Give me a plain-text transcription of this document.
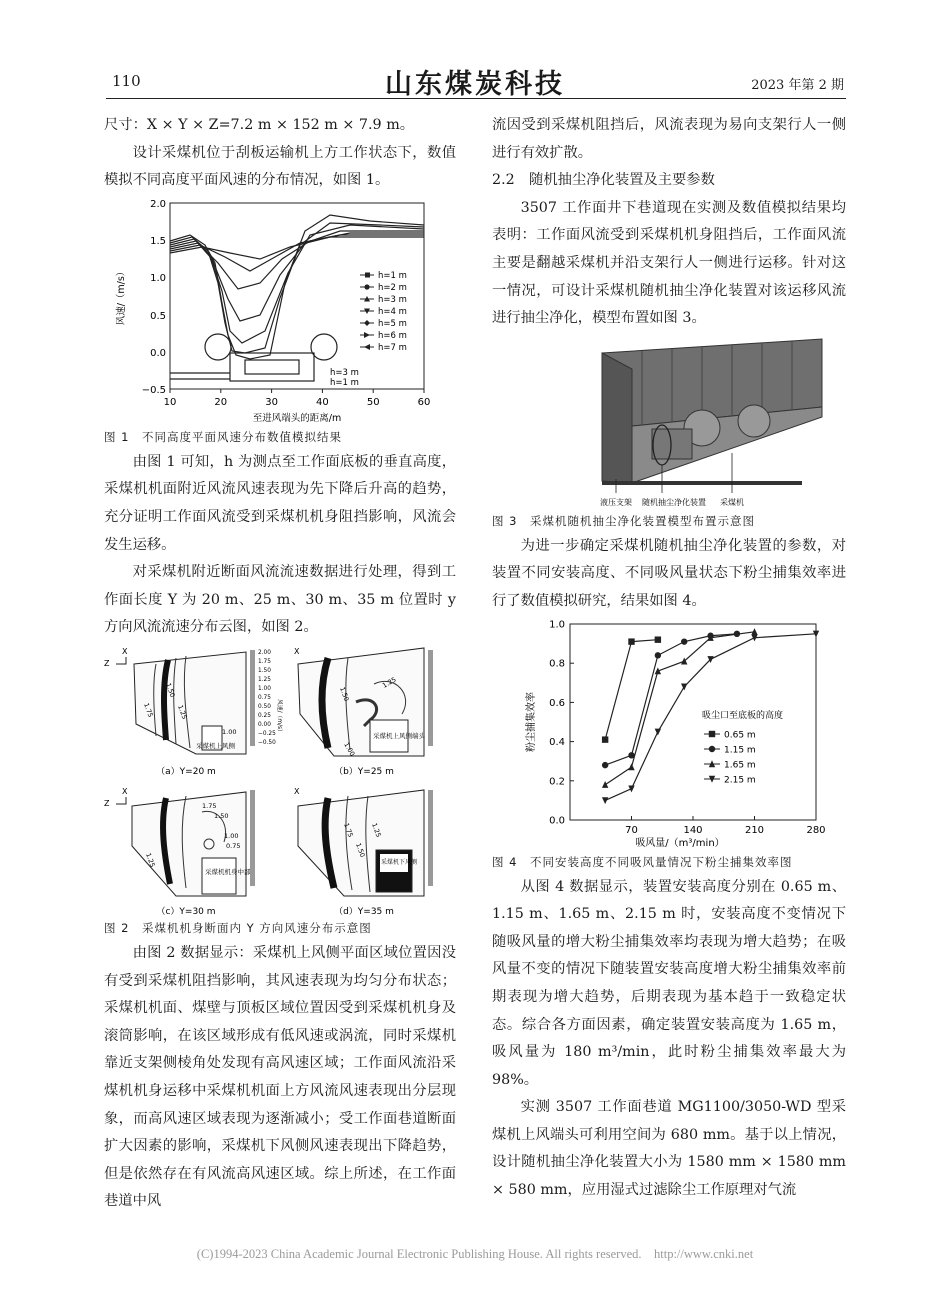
110	山东煤炭科技	2023 年第 2 期

尺寸：X × Y × Z=7.2 m × 152 m × 7.9 m。

设计采煤机位于刮板运输机上方工作状态下，数值模拟不同高度平面风速的分布情况，如图 1。

10	20	30	40	50	60
2.0
1.5
1.0
0.5
0.0
−0.5
风速/（m/s）
至进风端头的距离/m
h=3 m
h=1 m
h=1 m
h=2 m
h=3 m
h=4 m
h=5 m
h=6 m
h=7 m

图 1　不同高度平面风速分布数值模拟结果

由图 1 可知，h 为测点至工作面底板的垂直高度，采煤机机面附近风流风速表现为先下降后升高的趋势，充分证明工作面风流受到采煤机机身阻挡影响，风流会发生运移。

对采煤机附近断面风流流速数据进行处理，得到工作面长度 Y 为 20 m、25 m、30 m、35 m 位置时 y 方向风流流速分布云图，如图 2。

X
Z
1.75
1.50
1.25
1.00
采煤机上风侧
2.00
1.75
1.50
1.25
1.00
0.75
0.50
0.25
0.00
−0.25
−0.50
风速/（m/s）
（a）Y=20 m
X
1.50
1.25
1.00
采煤机上风侧端头
（b）Y=25 m
X
Z	1.75
1.50
1.25
1.00
0.75
采煤机机身中部
（c）Y=30 m
X
1.75
1.50
1.25
采煤机下风侧
（d）Y=35 m

图 2　采煤机机身断面内 Y 方向风速分布示意图

由图 2 数据显示：采煤机上风侧平面区域位置因没有受到采煤机阻挡影响，其风速表现为均匀分布状态；采煤机机面、煤壁与顶板区域位置因受到采煤机机身及滚筒影响，在该区域形成有低风速或涡流，同时采煤机靠近支架侧棱角处发现有高风速区域；工作面风流沿采煤机机身运移中采煤机机面上方风流风速表现出分层现象，而高风速区域表现为逐渐减小；受工作面巷道断面扩大因素的影响，采煤机下风侧风速表现出下降趋势，但是依然存在有风流高风速区域。综上所述，在工作面巷道中风

流因受到采煤机阻挡后，风流表现为易向支架行人一侧进行有效扩散。

2.2　随机抽尘净化装置及主要参数

3507 工作面井下巷道现在实测及数值模拟结果均表明：工作面风流受到采煤机机身阻挡后，工作面风流主要是翻越采煤机并沿支架行人一侧进行运移。针对这一情况，可设计采煤机随机抽尘净化装置对该运移风流进行抽尘净化，模型布置如图 3。

液压支架 随机抽尘净化装置 采煤机

图 3　采煤机随机抽尘净化装置模型布置示意图

为进一步确定采煤机随机抽尘净化装置的参数，对装置不同安装高度、不同吸风量状态下粉尘捕集效率进行了数值模拟研究，结果如图 4。

粉尘捕集效率
吸风量/（m³/min）
吸尘口至底板的高度
70	140	210	280
0.0
0.2
0.4
0.6
0.8
1.0
0.65 m
1.15 m
1.65 m
2.15 m

图 4　不同安装高度不同吸风量情况下粉尘捕集效率图

从图 4 数据显示，装置安装高度分别在 0.65 m、1.15 m、1.65 m、2.15 m 时，安装高度不变情况下随吸风量的增大粉尘捕集效率均表现为增大趋势；在吸风量不变的情况下随装置安装高度增大粉尘捕集效率前期表现为增大趋势，后期表现为基本趋于一致稳定状态。综合各方面因素，确定装置安装高度为 1.65 m，吸风量为 180 m³/min，此时粉尘捕集效率最大为 98%。

实测 3507 工作面巷道 MG1100/3050-WD 型采煤机上风端头可利用空间为 680 mm。基于以上情况，设计随机抽尘净化装置大小为 1580 mm × 1580 mm × 580 mm，应用湿式过滤除尘工作原理对气流

(C)1994-2023 China Academic Journal Electronic Publishing House. All rights reserved.　http://www.cnki.net
